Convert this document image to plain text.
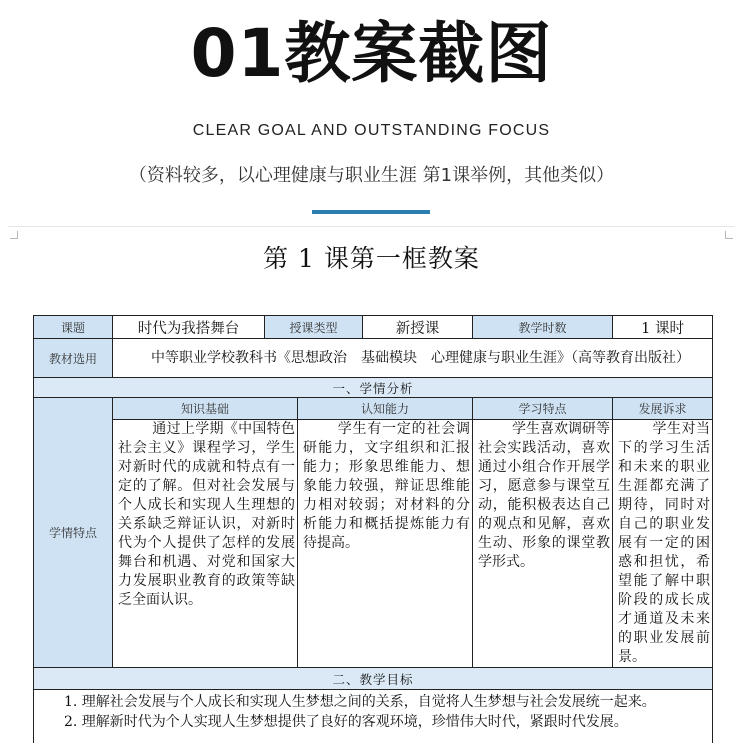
01教案截图
CLEAR GOAL AND OUTSTANDING FOCUS
（资料较多，以心理健康与职业生涯 第1课举例，其他类似）
第 1 课第一框教案
课题	时代为我搭舞台	授课类型		新授课	教学时数	1 课时
教材选用	中等职业学校教科书《思想政治　基础模块　心理健康与职业生涯》（高等教育出版社）					
一、学情分析						
学情特点	知识基础		认知能力		学习特点	发展诉求
	通过上学期《中国特色社会主义》课程学习，学生对新时代的成就和特点有一定的了解。但对社会发展与个人成长和实现人生理想的关系缺乏辩证认识，对新时代为个人提供了怎样的发展舞台和机遇、对党和国家大力发展职业教育的政策等缺乏全面认识。		学生有一定的社会调研能力，文字组织和汇报能力；形象思维能力、想象能力较强，辩证思维能力相对较弱；对材料的分析能力和概括提炼能力有待提高。		学生喜欢调研等社会实践活动，喜欢通过小组合作开展学习，愿意参与课堂互动，能积极表达自己的观点和见解，喜欢生动、形象的课堂教学形式。	学生对当下的学习生活和未来的职业生涯都充满了期待，同时对自己的职业发展有一定的困惑和担忧，希望能了解中职阶段的成长成才通道及未来的职业发展前景。
二、教学目标						

1. 理解社会发展与个人成长和实现人生梦想之间的关系，自觉将人生梦想与社会发展统一起来。
2. 理解新时代为个人实现人生梦想提供了良好的客观环境，珍惜伟大时代，紧跟时代发展。						
